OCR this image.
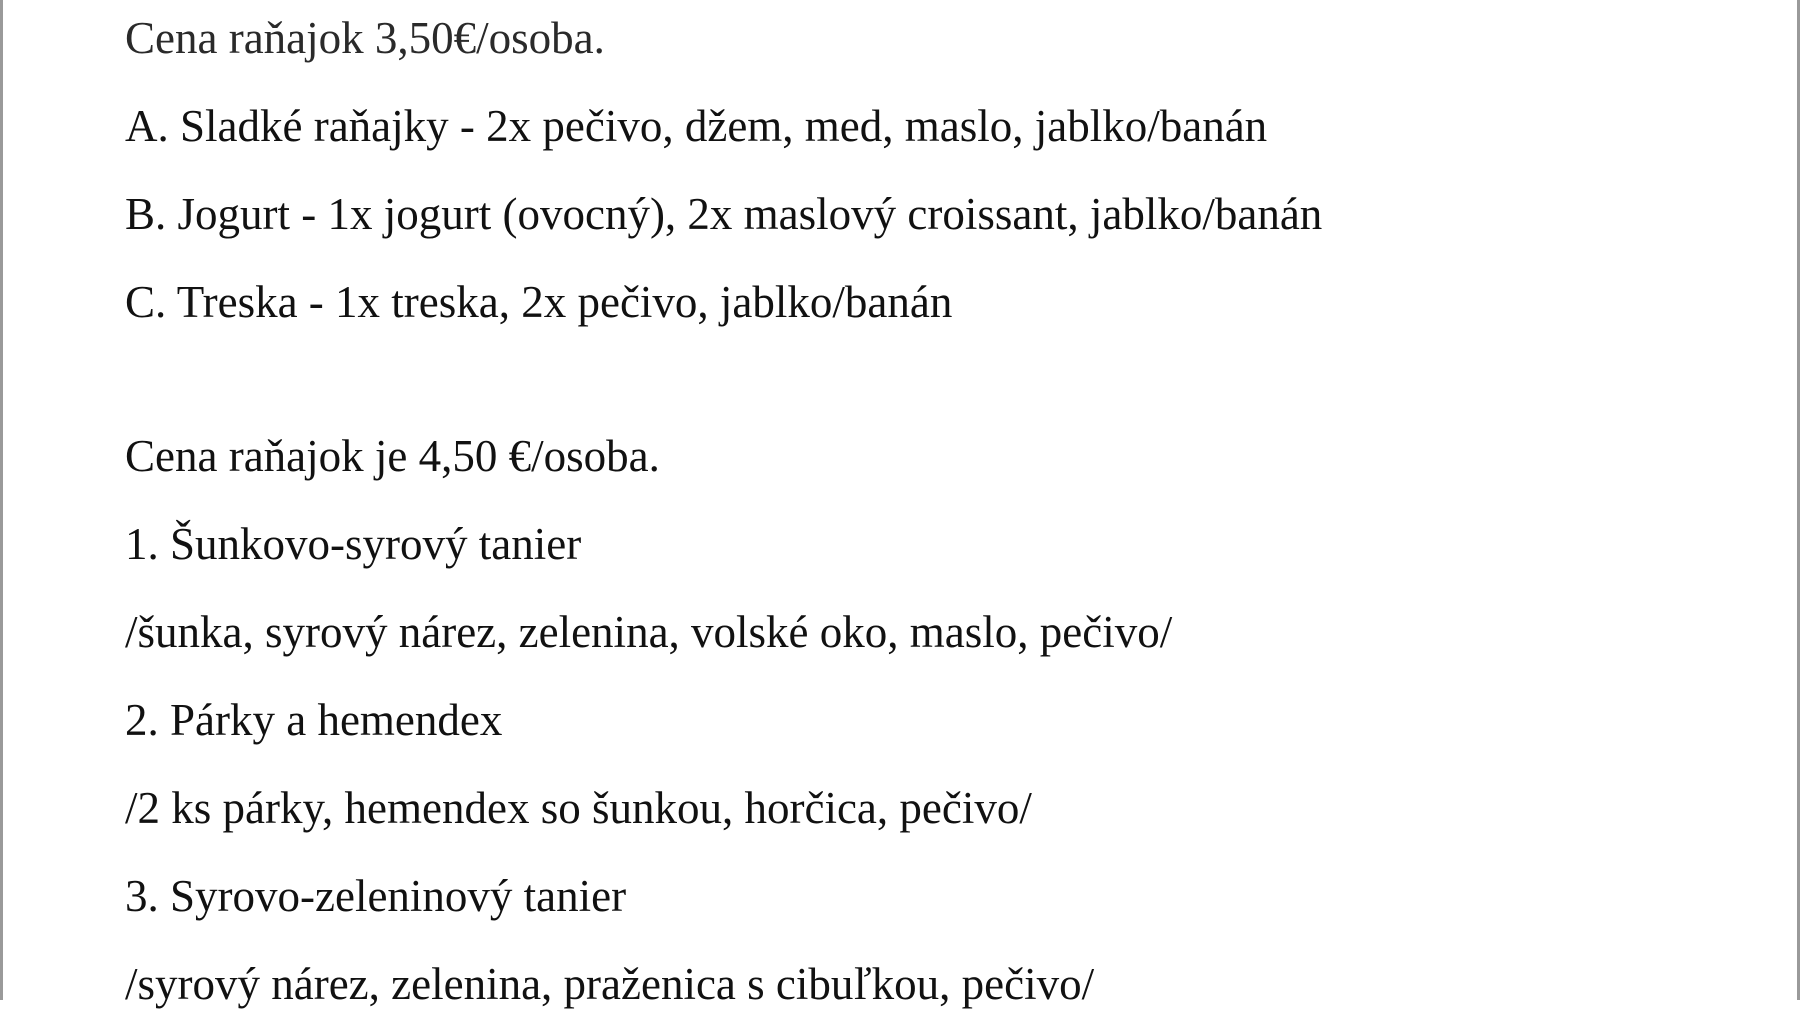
Cena raňajok 3,50€/osoba.

A. Sladké raňajky - 2x pečivo, džem, med, maslo, jablko/banán

B. Jogurt - 1x jogurt (ovocný), 2x maslový croissant, jablko/banán

C. Treska - 1x treska, 2x pečivo, jablko/banán

Cena raňajok je 4,50 €/osoba.

1. Šunkovo-syrový tanier

/šunka, syrový nárez, zelenina, volské oko, maslo, pečivo/

2. Párky a hemendex

/2 ks párky, hemendex so šunkou, horčica, pečivo/

3. Syrovo-zeleninový tanier

/syrový nárez, zelenina, praženica s cibuľkou, pečivo/
